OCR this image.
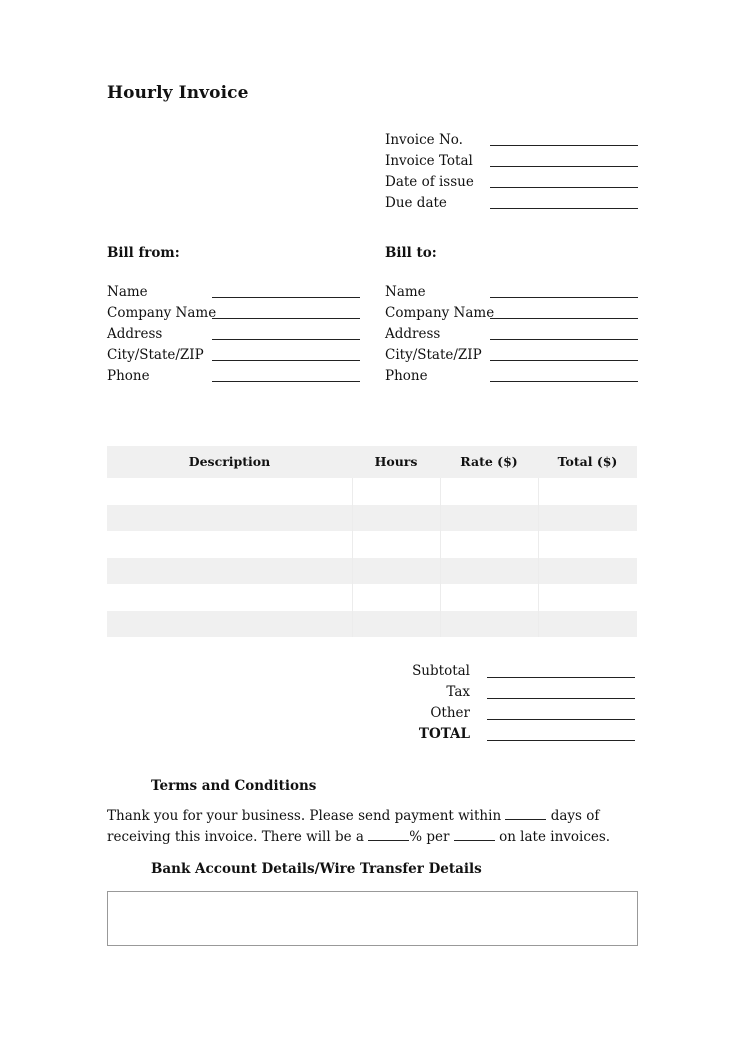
Hourly Invoice
Invoice No.
Invoice Total
Date of issue
Due date
Bill from:
Name
Company Name
Address
City/State/ZIP
Phone
Bill to:
Name
Company Name
Address
City/State/ZIP
Phone
Description	Hours	Rate ($)	Total ($)
Subtotal
Tax
Other
TOTAL
Terms and Conditions
Thank you for your business. Please send payment within	days of receiving this invoice. There will be a	% per	on late invoices.
Bank Account Details/Wire Transfer Details
